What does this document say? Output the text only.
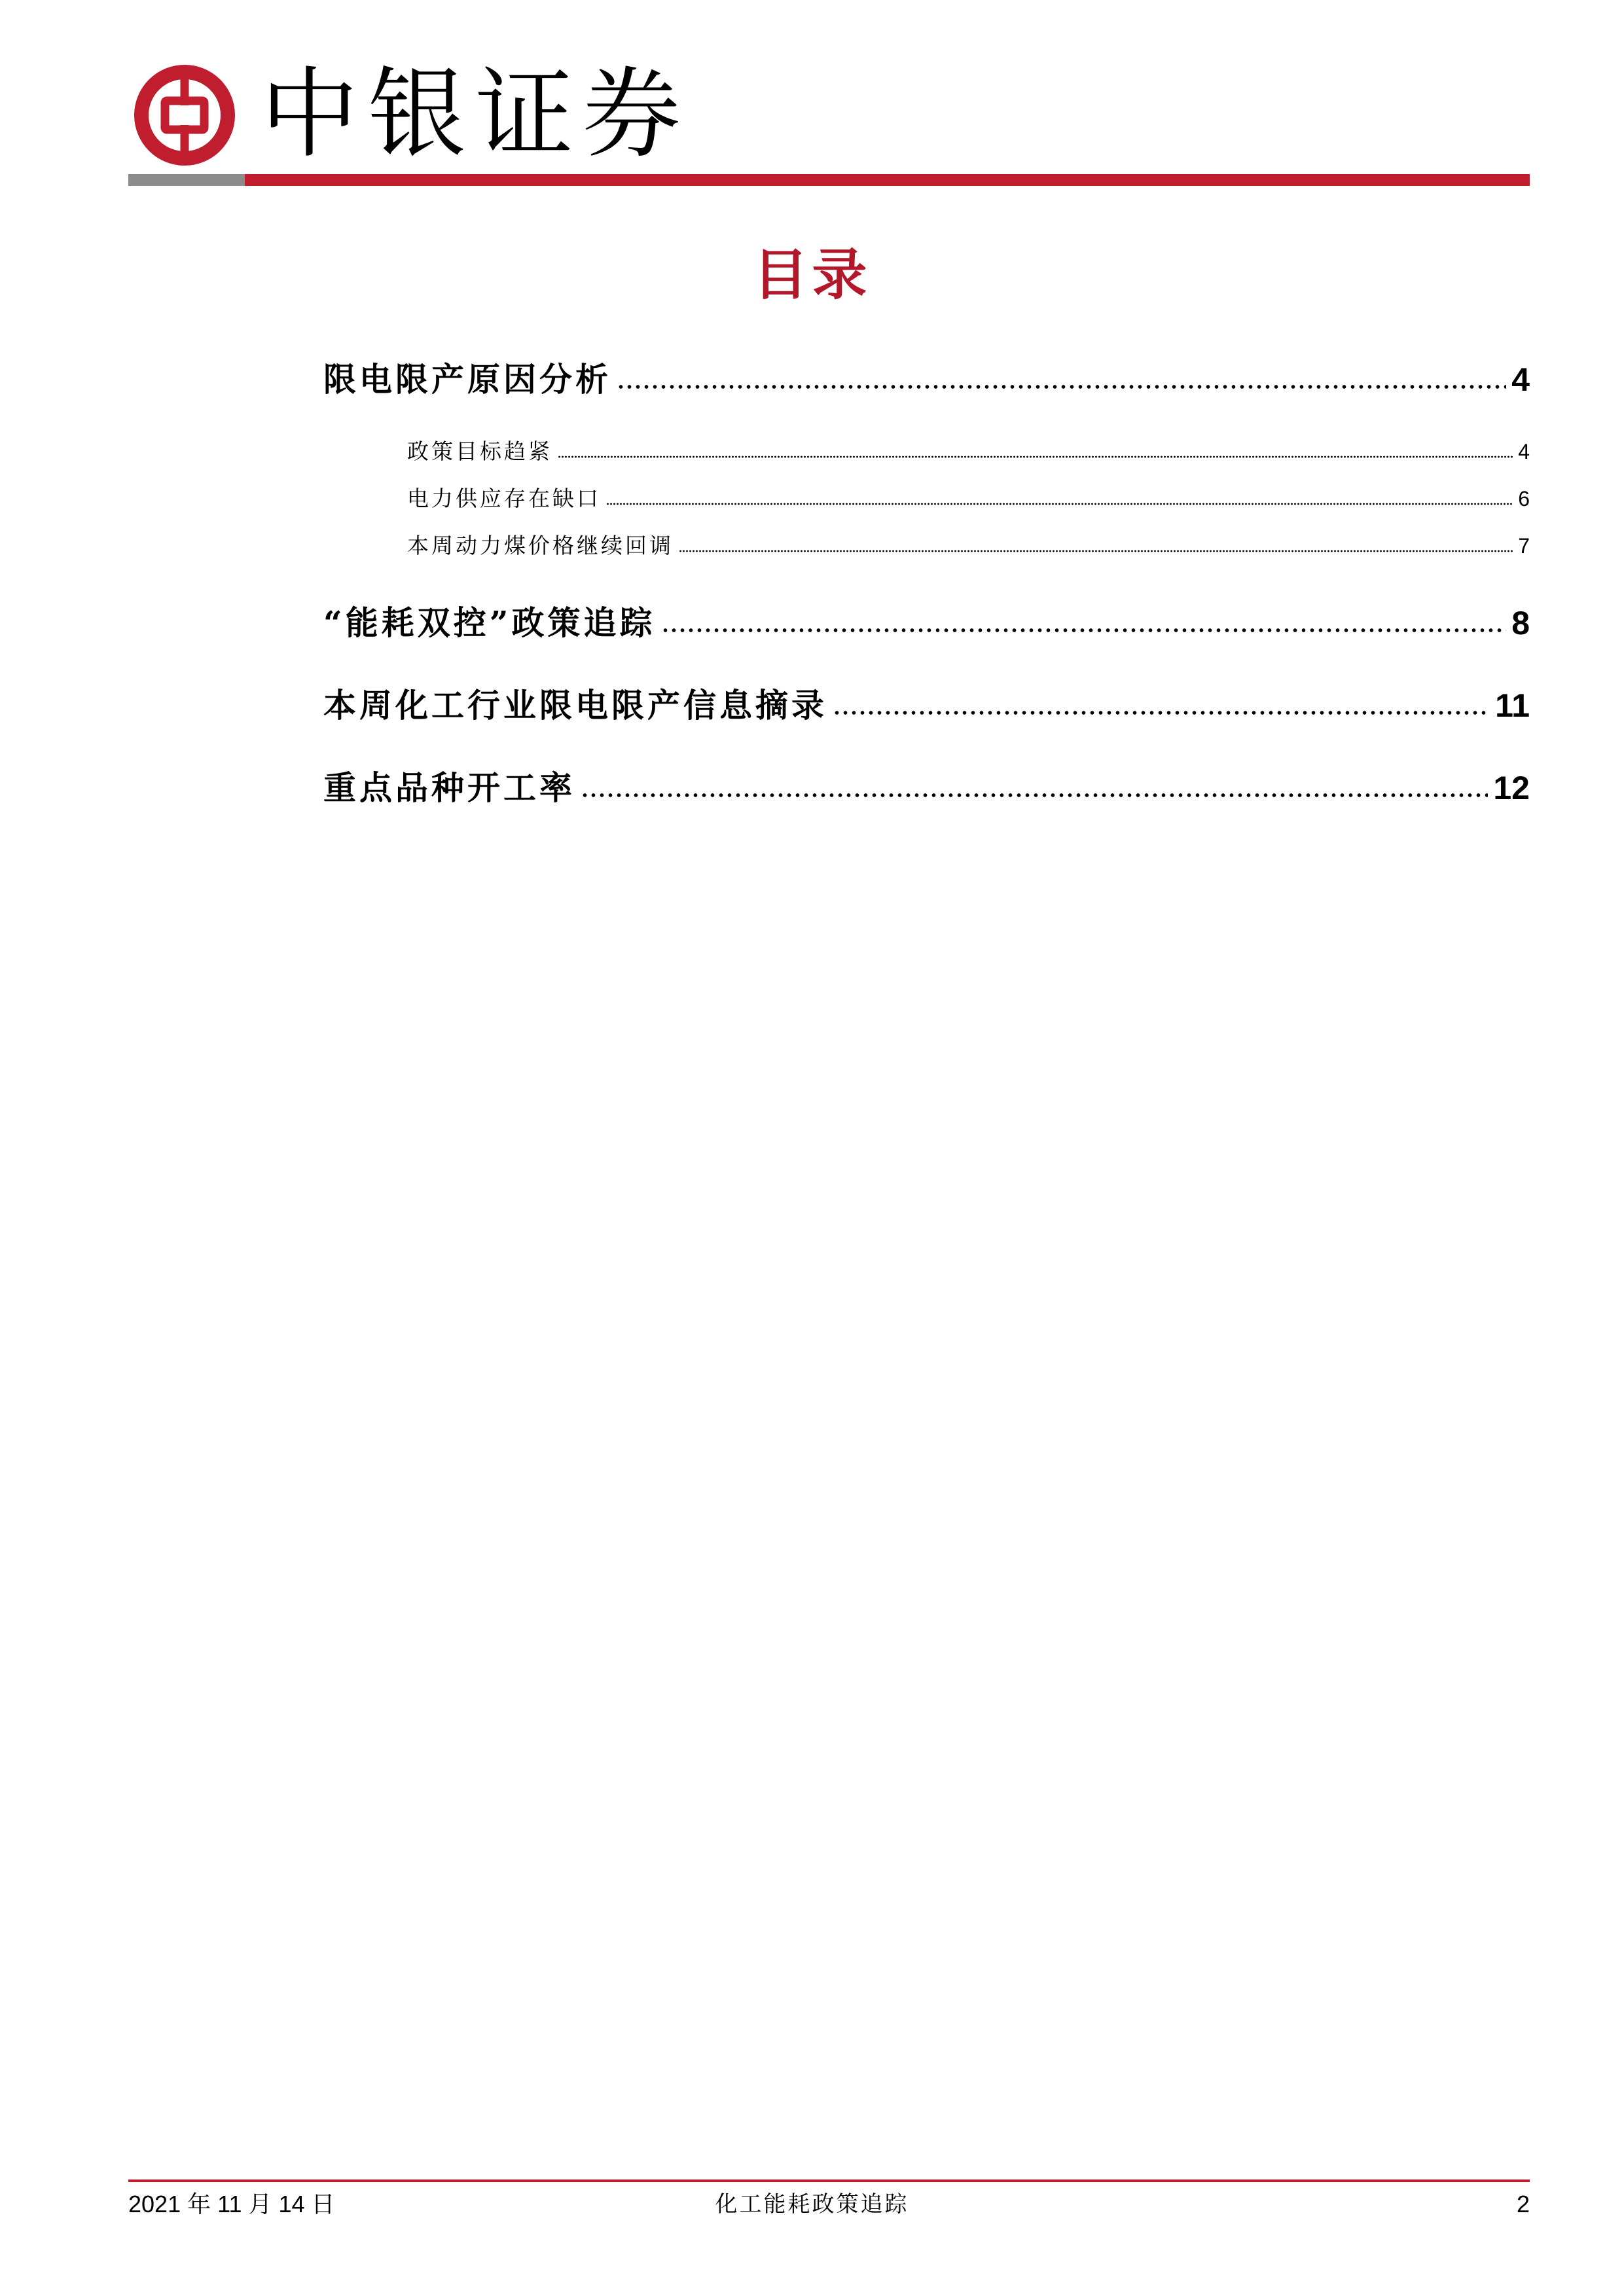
中银证券
目录
限电限产原因分析	4
政策目标趋紧	4
电力供应存在缺口	6
本周动力煤价格继续回调	7
“能耗双控”政策追踪	8
本周化工行业限电限产信息摘录	11
重点品种开工率	12
2021 年 11 月 14 日	化工能耗政策追踪	2
